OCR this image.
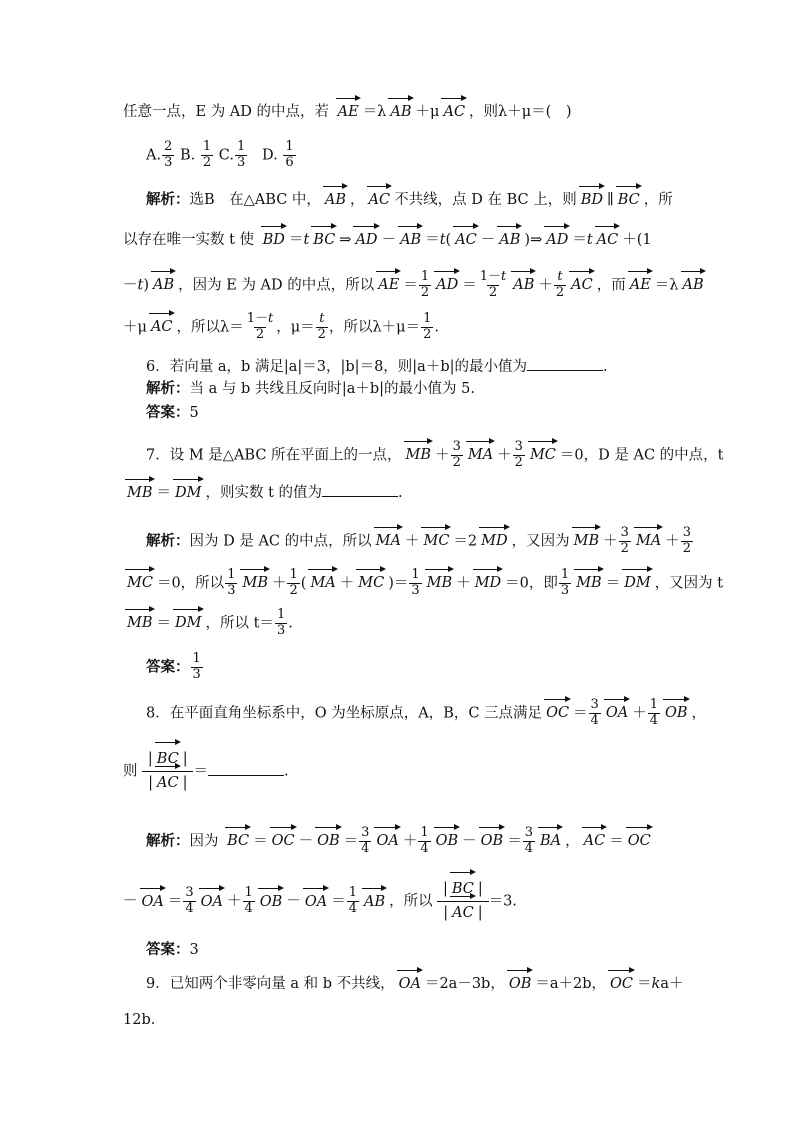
任意一点，E 为 AD 的中点，若 AE ＝λ AB ＋μ AC ，则λ＋μ＝(　)
A. $\frac{2}{3} B$. $\frac{1}{2} C$. $\frac{1}{3} D$. $\frac{1}{6}$
解析：选B　在△ABC 中， AB ， AC 不共线，点 D 在 BC 上，则 BD ∥ BC ，所
以存在唯一实数 t 使 BD ＝t BC ⇒ AD － AB ＝t( AC － AB )⇒ AD ＝t AC ＋(1
－t) AB ，因为 E 为 AD 的中点，所以 AE ＝ $\frac{1}{2}$ AD ＝ $\frac{1-t}{2}$ AB ＋ $\frac{t}{2}$ AC ，而 AE ＝λ AB
＋μ AC ，所以$\lambda= \frac{1-t}{2}$ ，$\mu= \frac{t}{2}$ ，所以$\lambda+\mu= \frac{1}{2}$ .
6．若向量 a，b 满足|a|＝3，|b|＝8，则|a＋b|的最小值为	.
解析：当 a 与 b 共线且反向时|a＋b|的最小值为 5.
答案：5
7．设 M 是△ABC 所在平面上的一点， MB ＋ $\frac{3}{2}$ MA ＋ $\frac{3}{2}$ MC ＝0，D 是 AC 的中点，t
MB ＝ DM ，则实数 t 的值为	.
解析：因为 D 是 AC 的中点，所以 MA ＋ MC ＝2 MD ，又因为 MB ＋ $\frac{3}{2}$ MA ＋ $\frac{3}{2}$
MC ＝0，所以 $\frac{1}{3}$ MB ＋ $\frac{1}{2}$ ( MA ＋ MC )＝ $\frac{1}{3}$ MB ＋ MD ＝0，即 $\frac{1}{3}$ MB ＝ DM ，又因为 t
MB ＝ DM ，所以 $t= \frac{1}{3}$ .
答案： $\frac{1}{3}$
8．在平面直角坐标系中，O 为坐标原点，A，B，C 三点满足 OC ＝ $\frac{3}{4}$ OA ＋ $\frac{1}{4}$ OB ，
则 $\frac{| BC |}{| AC |}$ ＝	.
解析：因为 BC ＝ OC － OB ＝ $\frac{3}{4}$ OA ＋ $\frac{1}{4}$ OB － OB ＝ $\frac{3}{4}$ BA ， AC ＝ OC
－ OA ＝ $\frac{3}{4}$ OA ＋ $\frac{1}{4}$ OB － OA ＝ $\frac{1}{4}$ AB ，所以 $\frac{| BC |}{| AC |} =3$.
答案：3
9．已知两个非零向量 a 和 b 不共线， OA ＝2a－3b， OB ＝a＋2b， OC ＝ka＋
12b.
